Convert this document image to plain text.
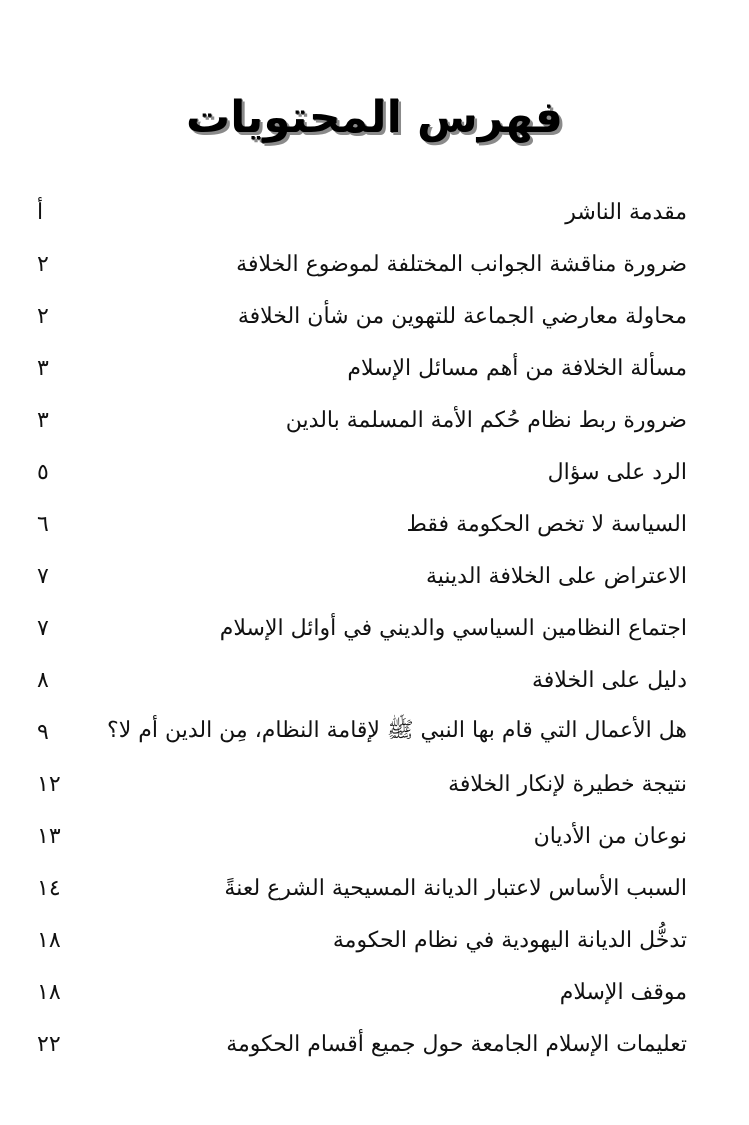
فهرس المحتويات
مقدمة الناشر
أ
ضرورة مناقشة الجوانب المختلفة لموضوع الخلافة
٢
محاولة معارضي الجماعة للتهوين من شأن الخلافة
٢
مسألة الخلافة من أهم مسائل الإسلام
٣
ضرورة ربط نظام حُكم الأمة المسلمة بالدين
٣
الرد على سؤال
٥
السياسة لا تخص الحكومة فقط
٦
الاعتراض على الخلافة الدينية
٧
اجتماع النظامين السياسي والديني في أوائل الإسلام
٧
دليل على الخلافة
٨
هل الأعمال التي قام بها النبي ﷺ لإقامة النظام، مِن الدين أم لا؟
٩
نتيجة خطيرة لإنكار الخلافة
١٢
نوعان من الأديان
١٣
السبب الأساس لاعتبار الديانة المسيحية الشرع لعنةً
١٤
تدخُّل الديانة اليهودية في نظام الحكومة
١٨
موقف الإسلام
١٨
تعليمات الإسلام الجامعة حول جميع أقسام الحكومة
٢٢
